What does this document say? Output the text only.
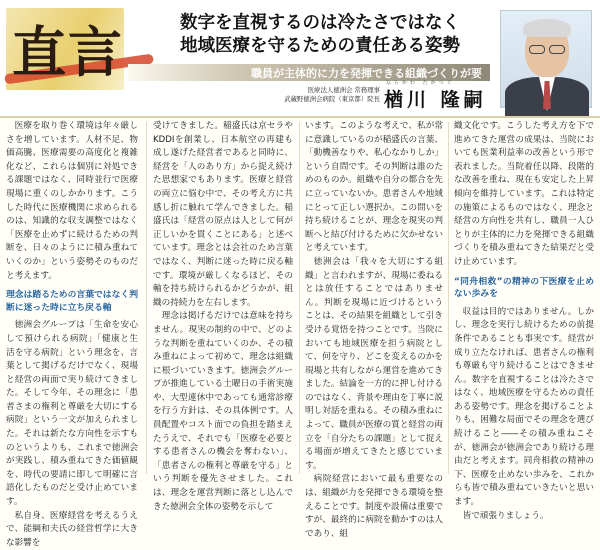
直言	数字を直視するのは冷たさではなく
地域医療を守るための責任ある姿勢
職員が主体的に力を発揮できる組織づくりが要
医療法人徳洲会 常務理事
武蔵野徳洲会病院（東京都）院長
ならかわ たかつぐ
楢川 隆嗣

医療を取り巻く環境は年々厳しさを増しています。人材不足、物価高騰、医療需要の高度化と複雑化など、これらは個別に対処できる課題ではなく、同時並行で医療現場に重くのしかかります。こうした時代に医療機関に求められるのは、知識的な収支調整ではなく「医療を止めずに続けるための判断を、日々のようにに積み重ねていくのか」という姿勢そのものだと考えます。

理念は踏るための言葉ではなく判断に迷った時に立ち戻る軸

徳洲会グループは「生命を安心して預けられる病院」「健康と生活を守る病院」という理念を、言葉として掲げるだけでなく、現場と経営の両面で実り続けてきました。そして今年、その理念に「患者さまの権利と尊厳を大切にする病院」という一文が加えられました。それは新たな方向性を示すものというよりも、これまで徳洲会が実践し、積み重ねてきた価値観を、時代の要請に即して明確に言語化したものだと受け止めています。

私自身、医療経営を考えるうえで、能綱和夫氏の経営哲学に大きな影響を

受けてきました。稲盛氏は京セラやKDDIを創業し、日本航空の再建も成し遂げた経営者であると同時に、経営を「人のあり方」から捉え続けた思想家でもあります。医療と経営の両立に悩む中で、その考え方に共感し折に触れて学んできました。稲盛氏は「経営の原点は人として何が正しいかを貫くことにある」と述べています。理念とは会社のため言葉ではなく、判断に迷った時に戻る軸です。環境が厳しくなるほど、その軸を持ち続けられるかどうかが、組織の持続力を左右します。

理念は掲げるだけでは意味を持ちません。現実の制約の中で、どのような判断を重ねていくのか、その積み重ねによって初めて、理念は組織に根づいていきます。徳洲会グループが推進している土曜日の手術実施や、大型連休中であっても通常診療を行う方針は、その具体例です。人員配置やコスト面での負担を踏まえたうえで、それでも「医療を必要とする患者さんの機会を奪わない」、「患者さんの権利と尊厳を守る」という判断を優先させました。これは、理念を運営判断に落とし込んできた徳洲会全体の姿勢を示して

います。このような考えで、私が常に意識しているのが稲盛氏の言葉、「動機善なりや、私心なかりしか」という自問です。その判断は誰のためのものか。組織や自分の都合を先に立っていないか。患者さんや地域にとって正しい選択か。この問いを持ち続けることが、理念を現実の判断へと結び付けるために欠かせないと考えています。

徳洲会は「我々を大切にする組織」と言われますが、現場に委ねるとは放任することではありません。判断を現場に近づけるということは、その結果を組織として引き受ける覚悟を持つことです。当院においても地域医療を担う病院として、何を守り、どこを変えるのかを現場と共有しながら運営を進めてきました。結論を一方的に押し付けるのではなく、背景や理由を丁寧に説明し対話を重ねる。その積み重ねによって、職員が医療の質と経営の両立を「自分たちの課題」として捉える場面が増えてきたと感じています。

病院経営において最も重要なのは、組織が力を発揮できる環境を整えることです。制度や設備は重要ですが、最終的に病院を動かすのは人であり、組

織文化です。こうした考え方を下で進めてきた運営の成果は、当院においても医業利益率の改善という形で表れました。当院着任以降、段階的な改善を重ね、現在も安定した上昇傾向を維持しています。これは特定の施策によるものではなく、理念と経営の方向性を共有し、職員一人ひとりが主体的に力を発揮できる組織づくりを積み重ねてきた結果だと受け止めています。

“同舟相救”の精神の下医療を止めない歩みを

収益は目的ではありません。しかし、理念を実行し続けるための前提条件であることも事実です。経営が成り立たなければ、患者さんの権利も尊厳も守り続けることはできません。数字を直視することは冷たさではなく、地域医療を守るための責任ある姿勢です。理念を掲げることよりも、困難な局面でその理念を選び続けること――その積み重ねこそが、徳洲会が徳洲会であり続ける理由だと考えます。同舟相救の精神の下、医療を止めない歩みを、これからも皆で積み重ねていきたいと思います。

皆で頑張りましょう。
